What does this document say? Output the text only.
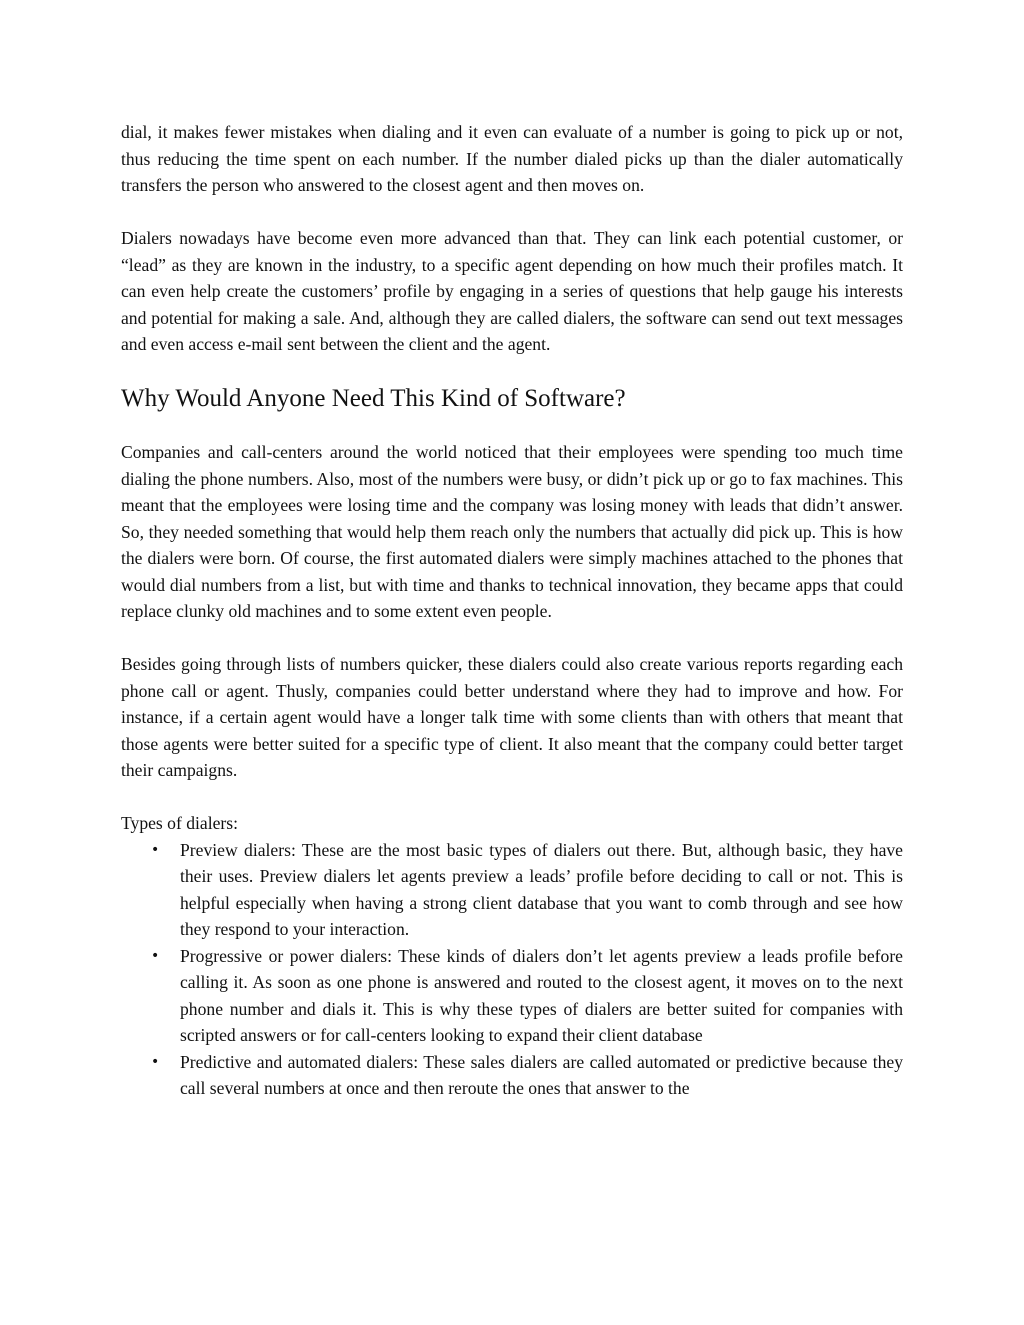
dial, it makes fewer mistakes when dialing and it even can evaluate of a number is going to pick up or not, thus reducing the time spent on each number. If the number dialed picks up than the dialer automatically transfers the person who answered to the closest agent and then moves on.

Dialers nowadays have become even more advanced than that. They can link each potential customer, or “lead” as they are known in the industry, to a specific agent depending on how much their profiles match. It can even help create the customers’ profile by engaging in a series of questions that help gauge his interests and potential for making a sale. And, although they are called dialers, the software can send out text messages and even access e-mail sent between the client and the agent.

Why Would Anyone Need This Kind of Software?

Companies and call-centers around the world noticed that their employees were spending too much time dialing the phone numbers. Also, most of the numbers were busy, or didn’t pick up or go to fax machines. This meant that the employees were losing time and the company was losing money with leads that didn’t answer. So, they needed something that would help them reach only the numbers that actually did pick up. This is how the dialers were born. Of course, the first automated dialers were simply machines attached to the phones that would dial numbers from a list, but with time and thanks to technical innovation, they became apps that could replace clunky old machines and to some extent even people.

Besides going through lists of numbers quicker, these dialers could also create various reports regarding each phone call or agent. Thusly, companies could better understand where they had to improve and how. For instance, if a certain agent would have a longer talk time with some clients than with others that meant that those agents were better suited for a specific type of client. It also meant that the company could better target their campaigns.

Types of dialers:

• Preview dialers: These are the most basic types of dialers out there. But, although basic, they have their uses. Preview dialers let agents preview a leads’ profile before deciding to call or not. This is helpful especially when having a strong client database that you want to comb through and see how they respond to your interaction.
• Progressive or power dialers: These kinds of dialers don’t let agents preview a leads profile before calling it. As soon as one phone is answered and routed to the closest agent, it moves on to the next phone number and dials it. This is why these types of dialers are better suited for companies with scripted answers or for call-centers looking to expand their client database
• Predictive and automated dialers: These sales dialers are called automated or predictive because they call several numbers at once and then reroute the ones that answer to the
